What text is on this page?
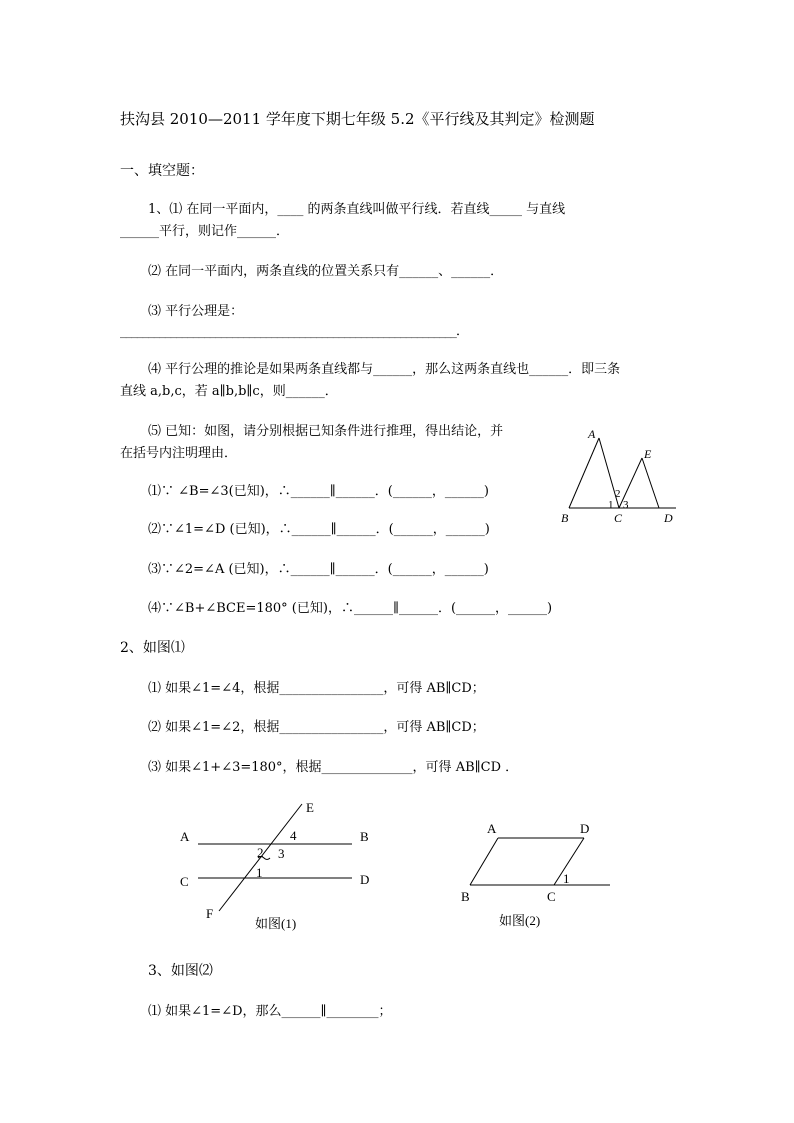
扶沟县 2010—2011 学年度下期七年级 5.2《平行线及其判定》检测题
一、填空题：
1、⑴ 在同一平面内，____ 的两条直线叫做平行线．若直线_____ 与直线
______平行，则记作______．
⑵ 在同一平面内，两条直线的位置关系只有______、______．
⑶ 平行公理是：
____________________________________________________________．
⑷ 平行公理的推论是如果两条直线都与______，那么这两条直线也______．即三条
直线 a,b,c，若 a∥b,b∥c，则______．
⑸ 已知：如图，请分别根据已知条件进行推理，得出结论，并
在括号内注明理由．
A
B	C	D
E
1
2
3
⑴∵ ∠B=∠3(已知)，∴______∥______．(______，______)
⑵∵∠1=∠D (已知)，∴______∥______．(______，______)
⑶∵∠2=∠A (已知)，∴______∥______．(______，______)
⑷∵∠B+∠BCE=180° (已知)，∴______∥______．(______，______)
2、如图⑴
⑴ 如果∠1=∠4，根据________________，可得 AB∥CD；
⑵ 如果∠1=∠2，根据________________，可得 AB∥CD；
⑶ 如果∠1+∠3=180°，根据______________，可得 AB∥CD ．
A	B
C	D
E
F
4
2 3
1
如图(1)
A	D
B	C
1
如图(2)
3、如图⑵
⑴ 如果∠1=∠D，那么______∥________；
